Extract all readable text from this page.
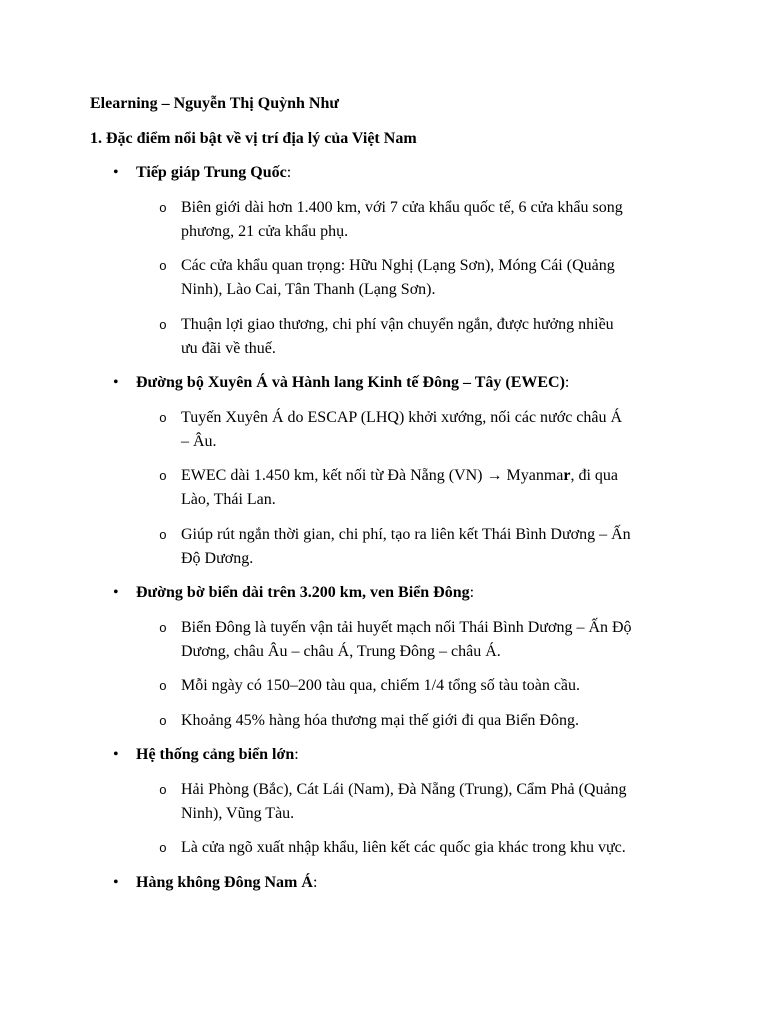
Elearning – Nguyễn Thị Quỳnh Như
1. Đặc điểm nổi bật về vị trí địa lý của Việt Nam
• Tiếp giáp Trung Quốc:
o Biên giới dài hơn 1.400 km, với 7 cửa khẩu quốc tế, 6 cửa khẩu song
phương, 21 cửa khẩu phụ.
o Các cửa khẩu quan trọng: Hữu Nghị (Lạng Sơn), Móng Cái (Quảng
Ninh), Lào Cai, Tân Thanh (Lạng Sơn).
o Thuận lợi giao thương, chi phí vận chuyển ngắn, được hưởng nhiều
ưu đãi về thuế.
• Đường bộ Xuyên Á và Hành lang Kinh tế Đông – Tây (EWEC):
o Tuyến Xuyên Á do ESCAP (LHQ) khởi xướng, nối các nước châu Á
– Âu.
o EWEC dài 1.450 km, kết nối từ Đà Nẵng (VN) → Myanmar, đi qua
Lào, Thái Lan.
o Giúp rút ngắn thời gian, chi phí, tạo ra liên kết Thái Bình Dương – Ấn
Độ Dương.
• Đường bờ biển dài trên 3.200 km, ven Biển Đông:
o Biển Đông là tuyến vận tải huyết mạch nối Thái Bình Dương – Ấn Độ
Dương, châu Âu – châu Á, Trung Đông – châu Á.
o Mỗi ngày có 150–200 tàu qua, chiếm 1/4 tổng số tàu toàn cầu.
o Khoảng 45% hàng hóa thương mại thế giới đi qua Biển Đông.
• Hệ thống cảng biển lớn:
o Hải Phòng (Bắc), Cát Lái (Nam), Đà Nẵng (Trung), Cẩm Phả (Quảng
Ninh), Vũng Tàu.
o Là cửa ngõ xuất nhập khẩu, liên kết các quốc gia khác trong khu vực.
• Hàng không Đông Nam Á:
